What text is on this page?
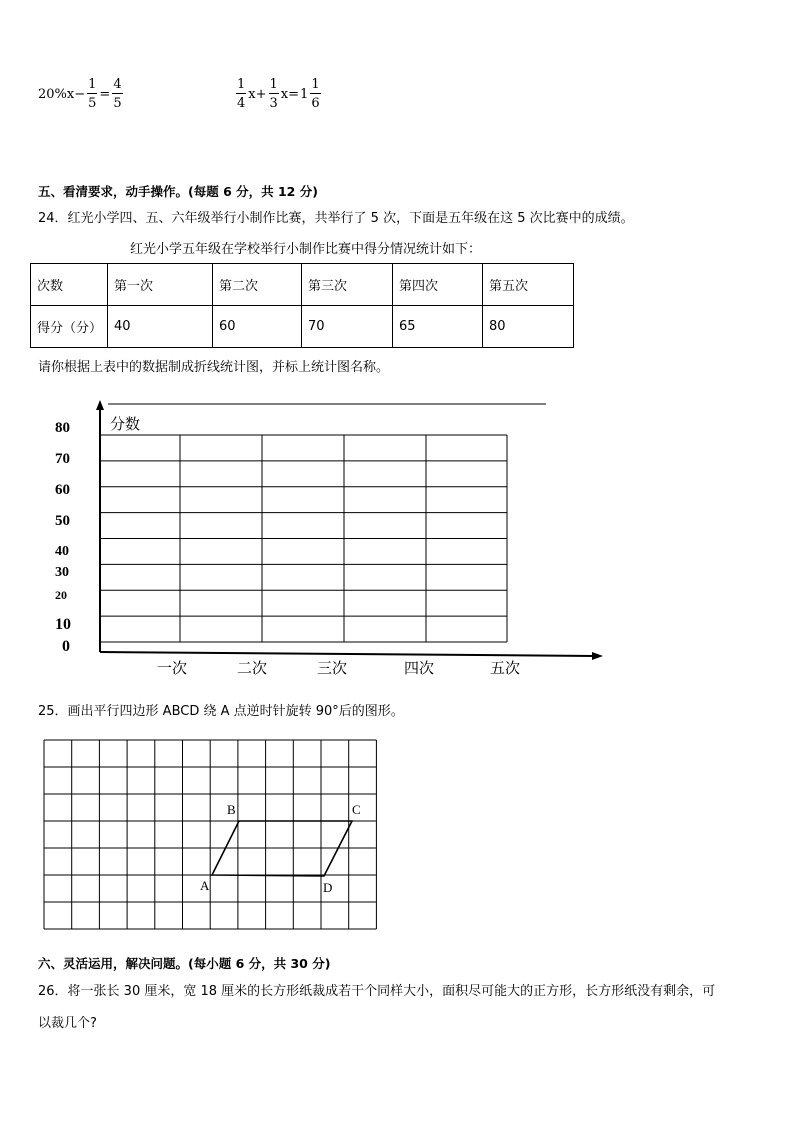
$20\%x- \frac{1}{5} = \frac{4}{5}$	$\frac{1}{4} x+ \frac{1}{3} x= 1 \frac{1}{6}$
五、看清要求，动手操作。(每题 6 分，共 12 分)
24．红光小学四、五、六年级举行小制作比赛，共举行了 5 次，下面是五年级在这 5 次比赛中的成绩。
红光小学五年级在学校举行小制作比赛中得分情况统计如下：
次数	第一次	第二次	第三次	第四次	第五次
得分（分）	40	60	70	65	80
请你根据上表中的数据制成折线统计图，并标上统计图名称。
分数
80
70
60
50
40
30
20
10
0
一次	二次	三次	四次	五次
25．画出平行四边形 ABCD 绕 A 点逆时针旋转 90°后的图形。
A
B	C
D
六、灵活运用，解决问题。(每小题 6 分，共 30 分)
26．将一张长 30 厘米，宽 18 厘米的长方形纸裁成若干个同样大小，面积尽可能大的正方形，长方形纸没有剩余，可
以裁几个?
